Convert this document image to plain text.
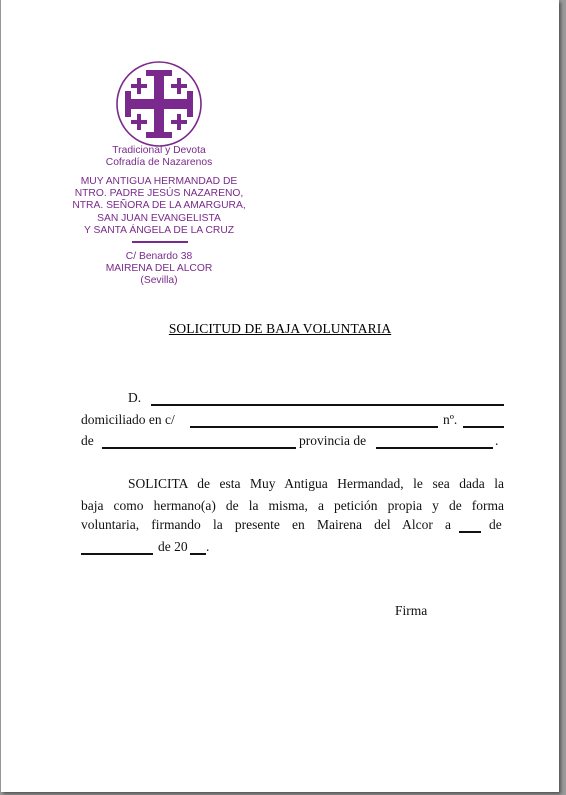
Tradicional y Devota
Cofradía de Nazarenos
MUY ANTIGUA HERMANDAD DE
NTRO. PADRE JESÚS NAZARENO,
NTRA. SEÑORA DE LA AMARGURA,
SAN JUAN EVANGELISTA
Y SANTA ÁNGELA DE LA CRUZ
C/ Benardo 38
MAIRENA DEL ALCOR
(Sevilla)
SOLICITUD DE BAJA VOLUNTARIA
D.
domiciliado en c/	nº.
de	provincia de	.
SOLICITA de esta Muy Antigua Hermandad, le sea dada la
baja como hermano(a) de la misma, a petición propia y de forma
voluntaria, firmando la presente en Mairena del Alcor a	de
de 20 .
Firma
